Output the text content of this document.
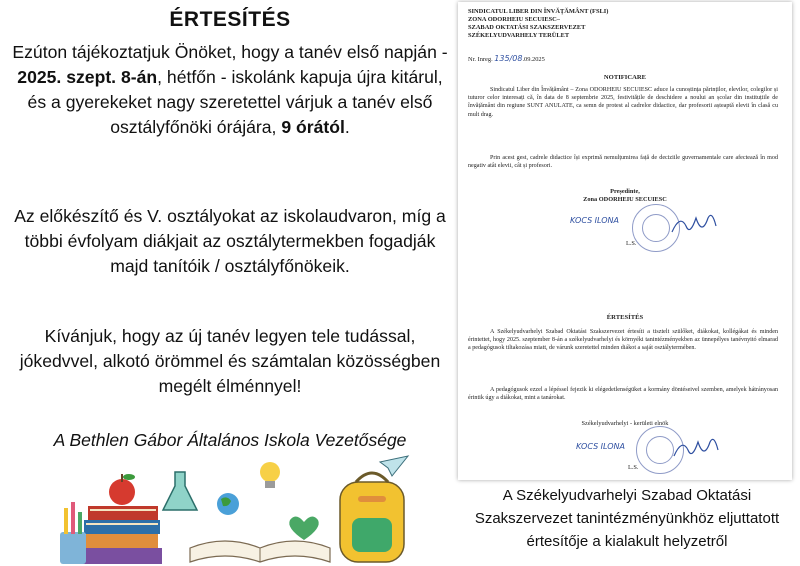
ÉRTESÍTÉS
Ezúton tájékoztatjuk Önöket, hogy a tanév első napján - 2025. szept. 8-án, hétfőn - iskolánk kapuja újra kitárul, és a gyerekeket nagy szeretettel várjuk a tanév első osztályfőnöki órájára, 9 órától.
Az előkészítő és V. osztályokat az iskolaudvaron, míg a többi évfolyam diákjait az osztálytermekben fogadják majd tanítóik / osztályfőnökeik.
Kívánjuk, hogy az új tanév legyen tele tudással, jókedvvel, alkotó örömmel és számtalan közösségben megélt élménnyel!
A Bethlen Gábor Általános Iskola Vezetősége
SINDICATUL LIBER DIN ÎNVĂȚĂMÂNT (FSLI)
ZONA ODORHEIU SECUIESC–
SZABAD OKTATÁSI SZAKSZERVEZET
SZÉKELYUDVARHELY TERÜLET
Nr. Inreg. 135/08.09.2025
NOTIFICARE
Sindicatul Liber din Învățământ – Zona ODORHEIU SECUIESC aduce la cunoștința părinților, elevilor, colegilor și tuturor celor interesați că, în data de 8 septembrie 2025, festivitățile de deschidere a noului an școlar din instituțiile de învățământ din regiune SUNT ANULATE, ca semn de protest al cadrelor didactice, dar profesorii așteaptă elevii în clasă cu mult drag.
Prin acest gest, cadrele didactice își exprimă nemulțumirea față de deciziile guvernamentale care afectează în mod negativ atât elevii, cât și profesori.
Președinte,
Zona ODORHEIU SECUIESC
KOCS ILONA
L.S.
ÉRTESÍTÉS
A Székelyudvarhelyi Szabad Oktatási Szakszervezet értesíti a tisztelt szülőket, diákokat, kollégákat és minden érintettet, hogy 2025. szeptember 8-án a székelyudvarhelyi és környéki tanintézményekben az ünnepélyes tanévnyitó elmarad a pedagógusok tiltakozása miatt, de várunk szeretettel minden diákot a saját osztálytermében.
A pedagógusok ezzel a lépéssel fejezik ki elégedetlenségüket a kormány döntéseivel szemben, amelyek hátrányosan érintik úgy a diákokat, mint a tanárokat.
Székelyudvarhelyi - kerületi elnök
KOCS ILONA
L.S.
A Székelyudvarhelyi Szabad Oktatási Szakszervezet tanintézményünkhöz eljuttatott értesítője a kialakult helyzetről
